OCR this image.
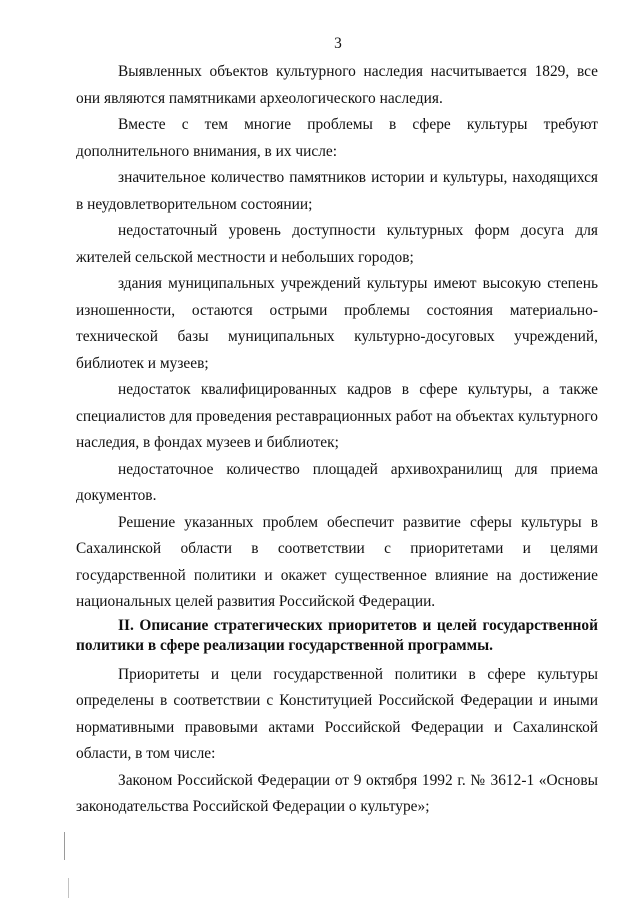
3

Выявленных объектов культурного наследия насчитывается 1829, все они являются памятниками археологического наследия.

Вместе с тем многие проблемы в сфере культуры требуют дополнительного внимания, в их числе:

значительное количество памятников истории и культуры, находящихся в неудовлетворительном состоянии;

недостаточный уровень доступности культурных форм досуга для жителей сельской местности и небольших городов;

здания муниципальных учреждений культуры имеют высокую степень изношенности, остаются острыми проблемы состояния материально-технической базы муниципальных культурно-досуговых учреждений, библиотек и музеев;

недостаток квалифицированных кадров в сфере культуры, а также специалистов для проведения реставрационных работ на объектах культурного наследия, в фондах музеев и библиотек;

недостаточное количество площадей архивохранилищ для приема документов.

Решение указанных проблем обеспечит развитие сферы культуры в Сахалинской области в соответствии с приоритетами и целями государственной политики и окажет существенное влияние на достижение национальных целей развития Российской Федерации.

II. Описание стратегических приоритетов и целей государственной политики в сфере реализации государственной программы.

Приоритеты и цели государственной политики в сфере культуры определены в соответствии с Конституцией Российской Федерации и иными нормативными правовыми актами Российской Федерации и Сахалинской области, в том числе:

Законом Российской Федерации от 9 октября 1992 г. № 3612-1 «Основы законодательства Российской Федерации о культуре»;
